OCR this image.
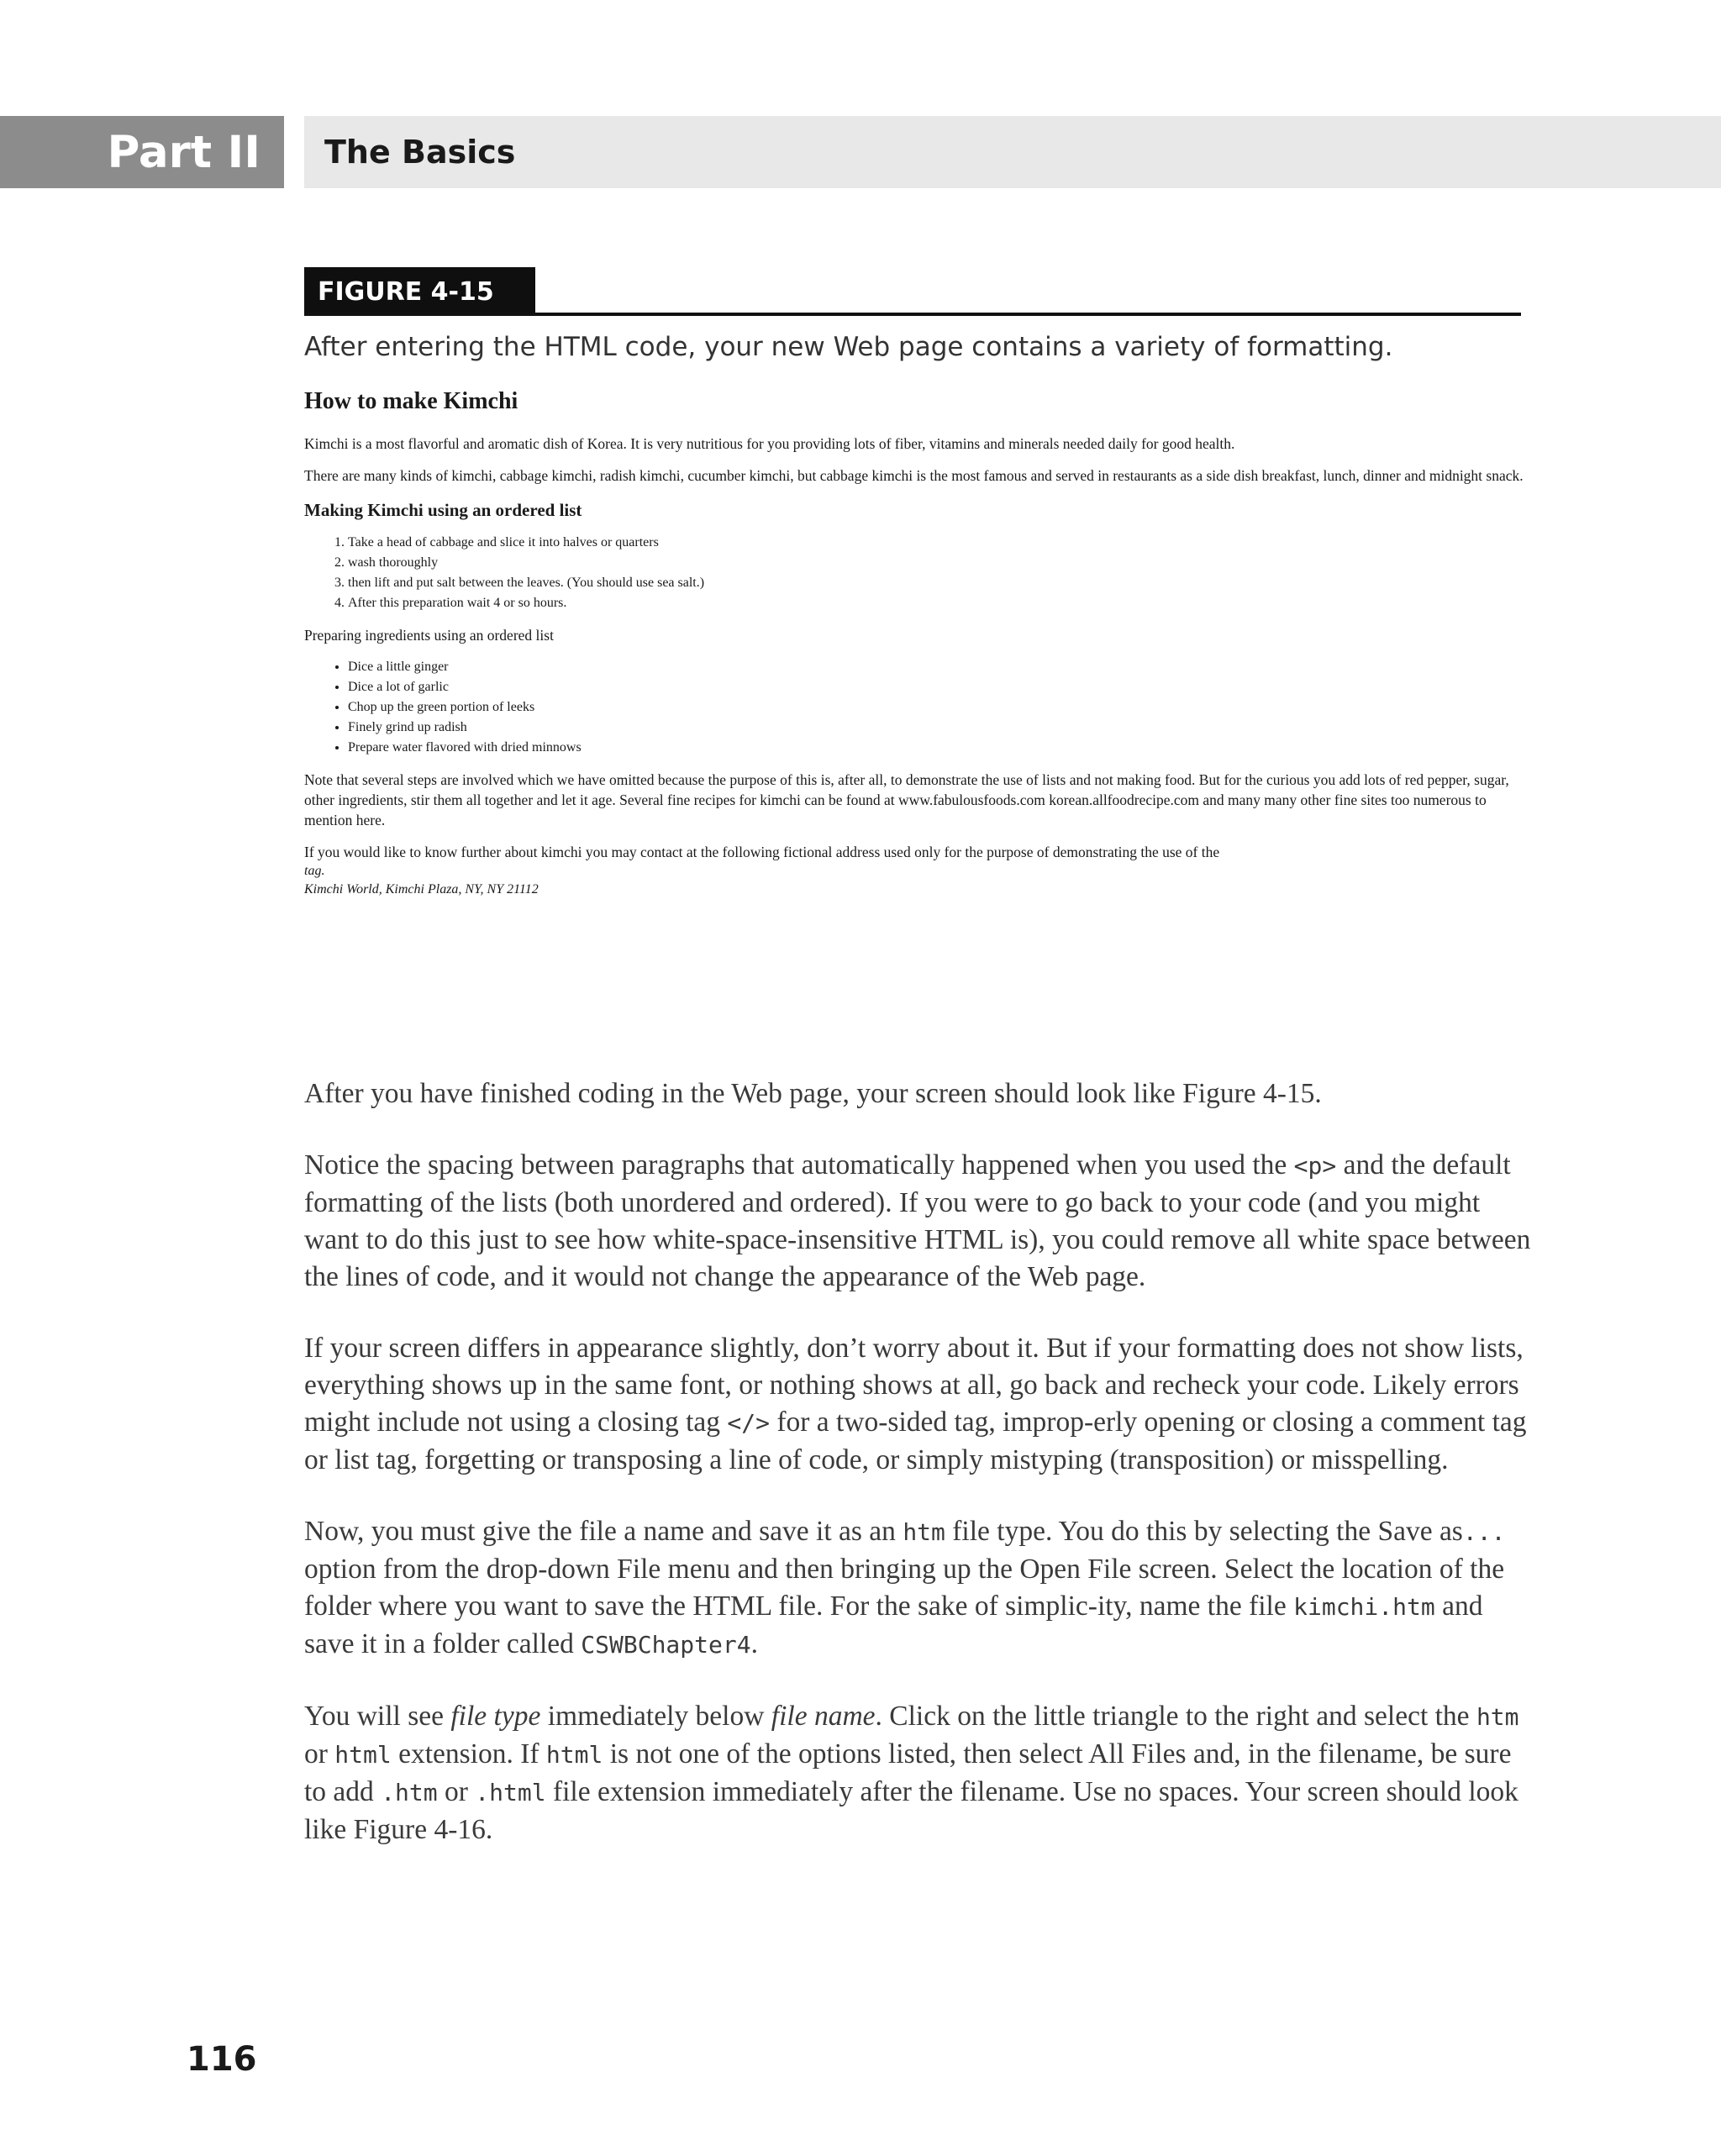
Part II	The Basics
FIGURE 4-15
After entering the HTML code, your new Web page contains a variety of formatting.
How to make Kimchi

Kimchi is a most flavorful and aromatic dish of Korea. It is very nutritious for you providing lots of fiber, vitamins and minerals needed daily for good health.

There are many kinds of kimchi, cabbage kimchi, radish kimchi, cucumber kimchi, but cabbage kimchi is the most famous and served in restaurants as a side dish breakfast, lunch, dinner and midnight snack.

Making Kimchi using an ordered list
1. Take a head of cabbage and slice it into halves or quarters
2. wash thoroughly
3. then lift and put salt between the leaves. (You should use sea salt.)
4. After this preparation wait 4 or so hours.

Preparing ingredients using an ordered list

• Dice a little ginger
• Dice a lot of garlic
• Chop up the green portion of leeks
• Finely grind up radish
• Prepare water flavored with dried minnows

Note that several steps are involved which we have omitted because the purpose of this is, after all, to demonstrate the use of lists and not making food. But for the curious you add lots of red pepper, sugar, other ingredients, stir them all together and let it age. Several fine recipes for kimchi can be found at www.fabulousfoods.com korean.allfoodrecipe.com and many many other fine sites too numerous to mention here.

If you would like to know further about kimchi you may contact at the following fictional address used only for the purpose of demonstrating the use of the

tag.

Kimchi World, Kimchi Plaza, NY, NY 21112

After you have finished coding in the Web page, your screen should look like Figure 4-15.

Notice the spacing between paragraphs that automatically happened when you used the <p> and the default formatting of the lists (both unordered and ordered). If you were to go back to your code (and you might want to do this just to see how white-space-insensitive HTML is), you could remove all white space between the lines of code, and it would not change the appearance of the Web page.

If your screen differs in appearance slightly, don’t worry about it. But if your formatting does not show lists, everything shows up in the same font, or nothing shows at all, go back and recheck your code. Likely errors might include not using a closing tag </> for a two-sided tag, improp-erly opening or closing a comment tag or list tag, forgetting or transposing a line of code, or simply mistyping (transposition) or misspelling.

Now, you must give the file a name and save it as an htm file type. You do this by selecting the Save as... option from the drop-down File menu and then bringing up the Open File screen. Select the location of the folder where you want to save the HTML file. For the sake of simplic-ity, name the file kimchi.htm and save it in a folder called CSWBChapter4.

You will see file type immediately below file name. Click on the little triangle to the right and select the htm or html extension. If html is not one of the options listed, then select All Files and, in the filename, be sure to add .htm or .html file extension immediately after the filename. Use no spaces. Your screen should look like Figure 4-16.

116
